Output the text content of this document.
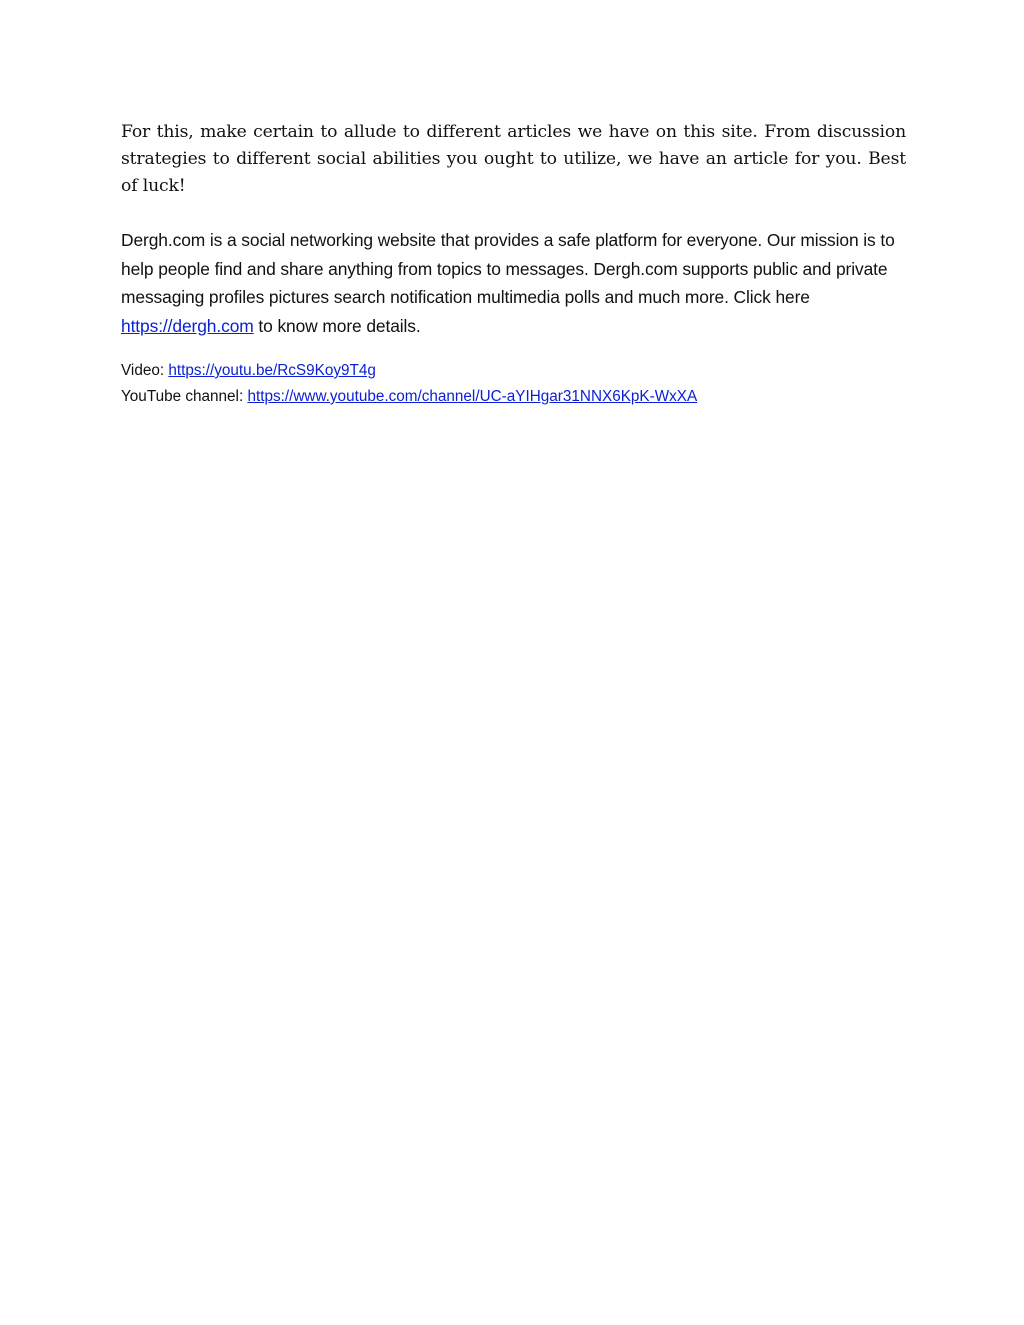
For this, make certain to allude to different articles we have on this site. From discussion strategies to different social abilities you ought to utilize, we have an article for you. Best of luck!

Dergh.com is a social networking website that provides a safe platform for everyone. Our mission is to help people find and share anything from topics to messages. Dergh.com supports public and private messaging profiles pictures search notification multimedia polls and much more. Click here https://dergh.com to know more details.

Video: https://youtu.be/RcS9Koy9T4g
YouTube channel: https://www.youtube.com/channel/UC-aYIHgar31NNX6KpK-WxXA
